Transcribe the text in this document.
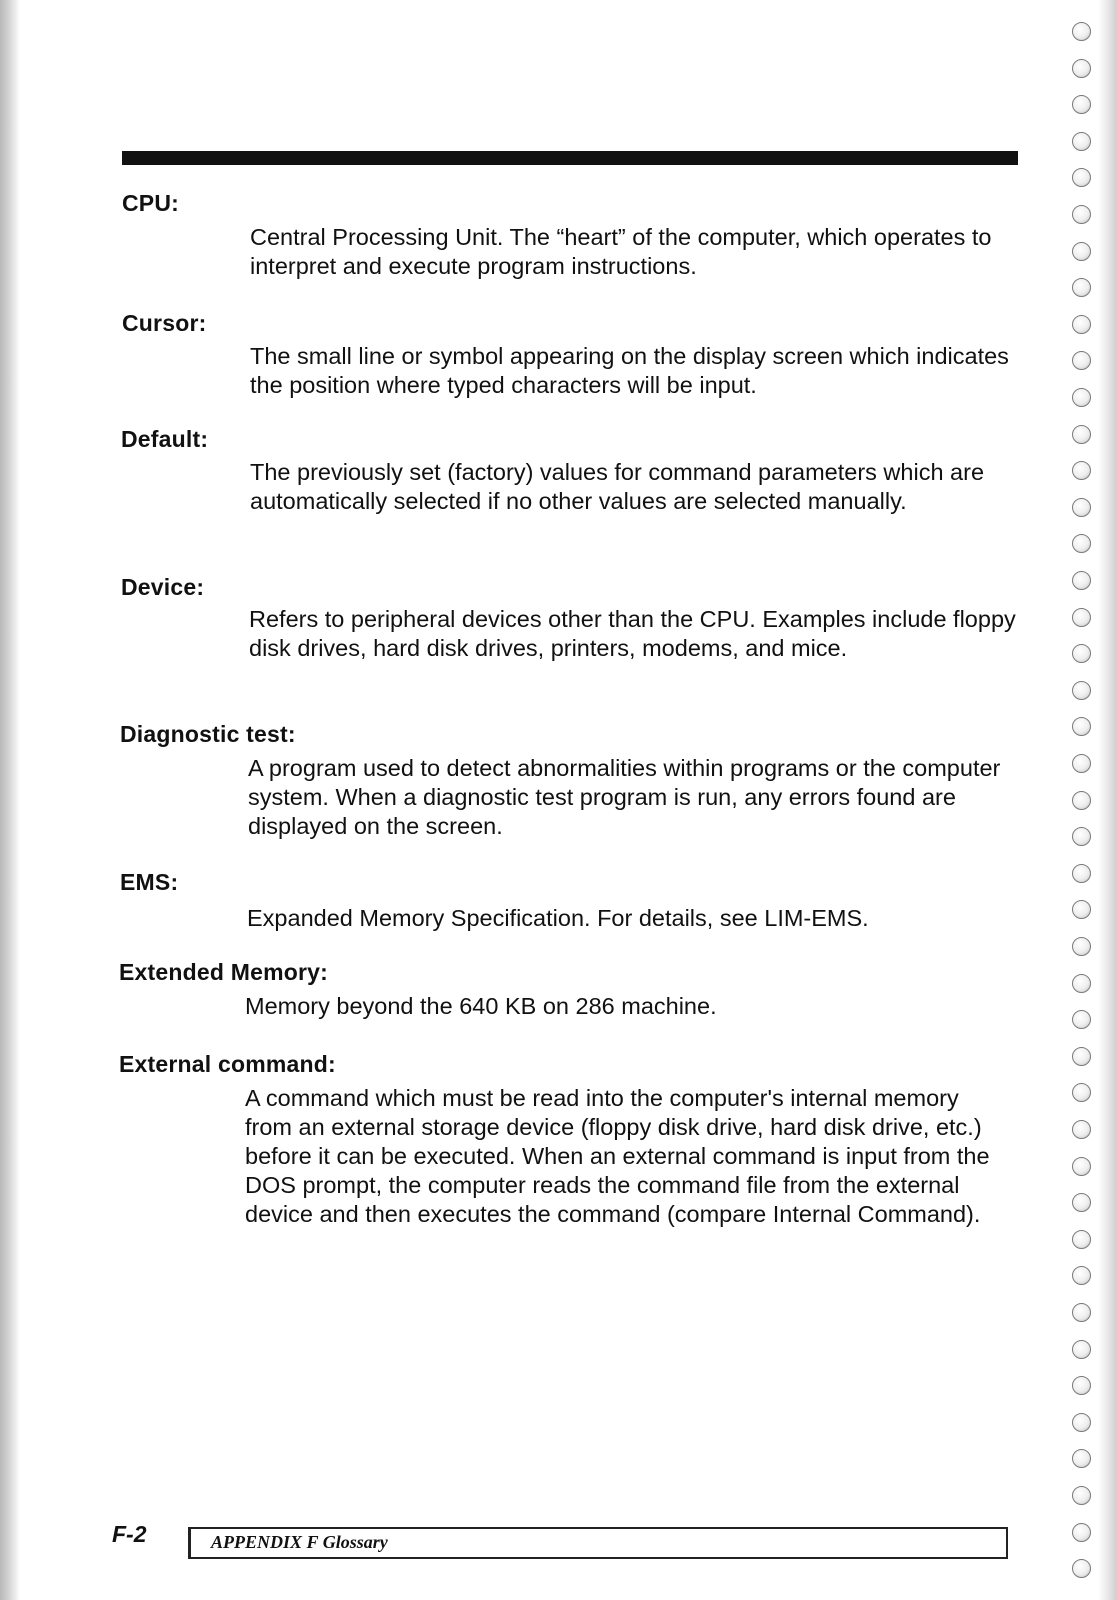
CPU:
Central Processing Unit. The “heart” of the computer, which operates to interpret and execute program instructions.
Cursor:
The small line or symbol appearing on the display screen which indicates the position where typed characters will be input.
Default:
The previously set (factory) values for command parameters which are automatically selected if no other values are selected manually.
Device:
Refers to peripheral devices other than the CPU. Examples include floppy disk drives, hard disk drives, printers, modems, and mice.
Diagnostic test:
A program used to detect abnormalities within programs or the computer system. When a diagnostic test program is run, any errors found are displayed on the screen.
EMS:
Expanded Memory Specification. For details, see LIM-EMS.
Extended Memory:
Memory beyond the 640 KB on 286 machine.
External command:
A command which must be read into the computer's internal memory from an external storage device (floppy disk drive, hard disk drive, etc.) before it can be executed. When an external command is input from the DOS prompt, the computer reads the command file from the external device and then executes the command (compare Internal Command).
F-2	APPENDIX F Glossary
